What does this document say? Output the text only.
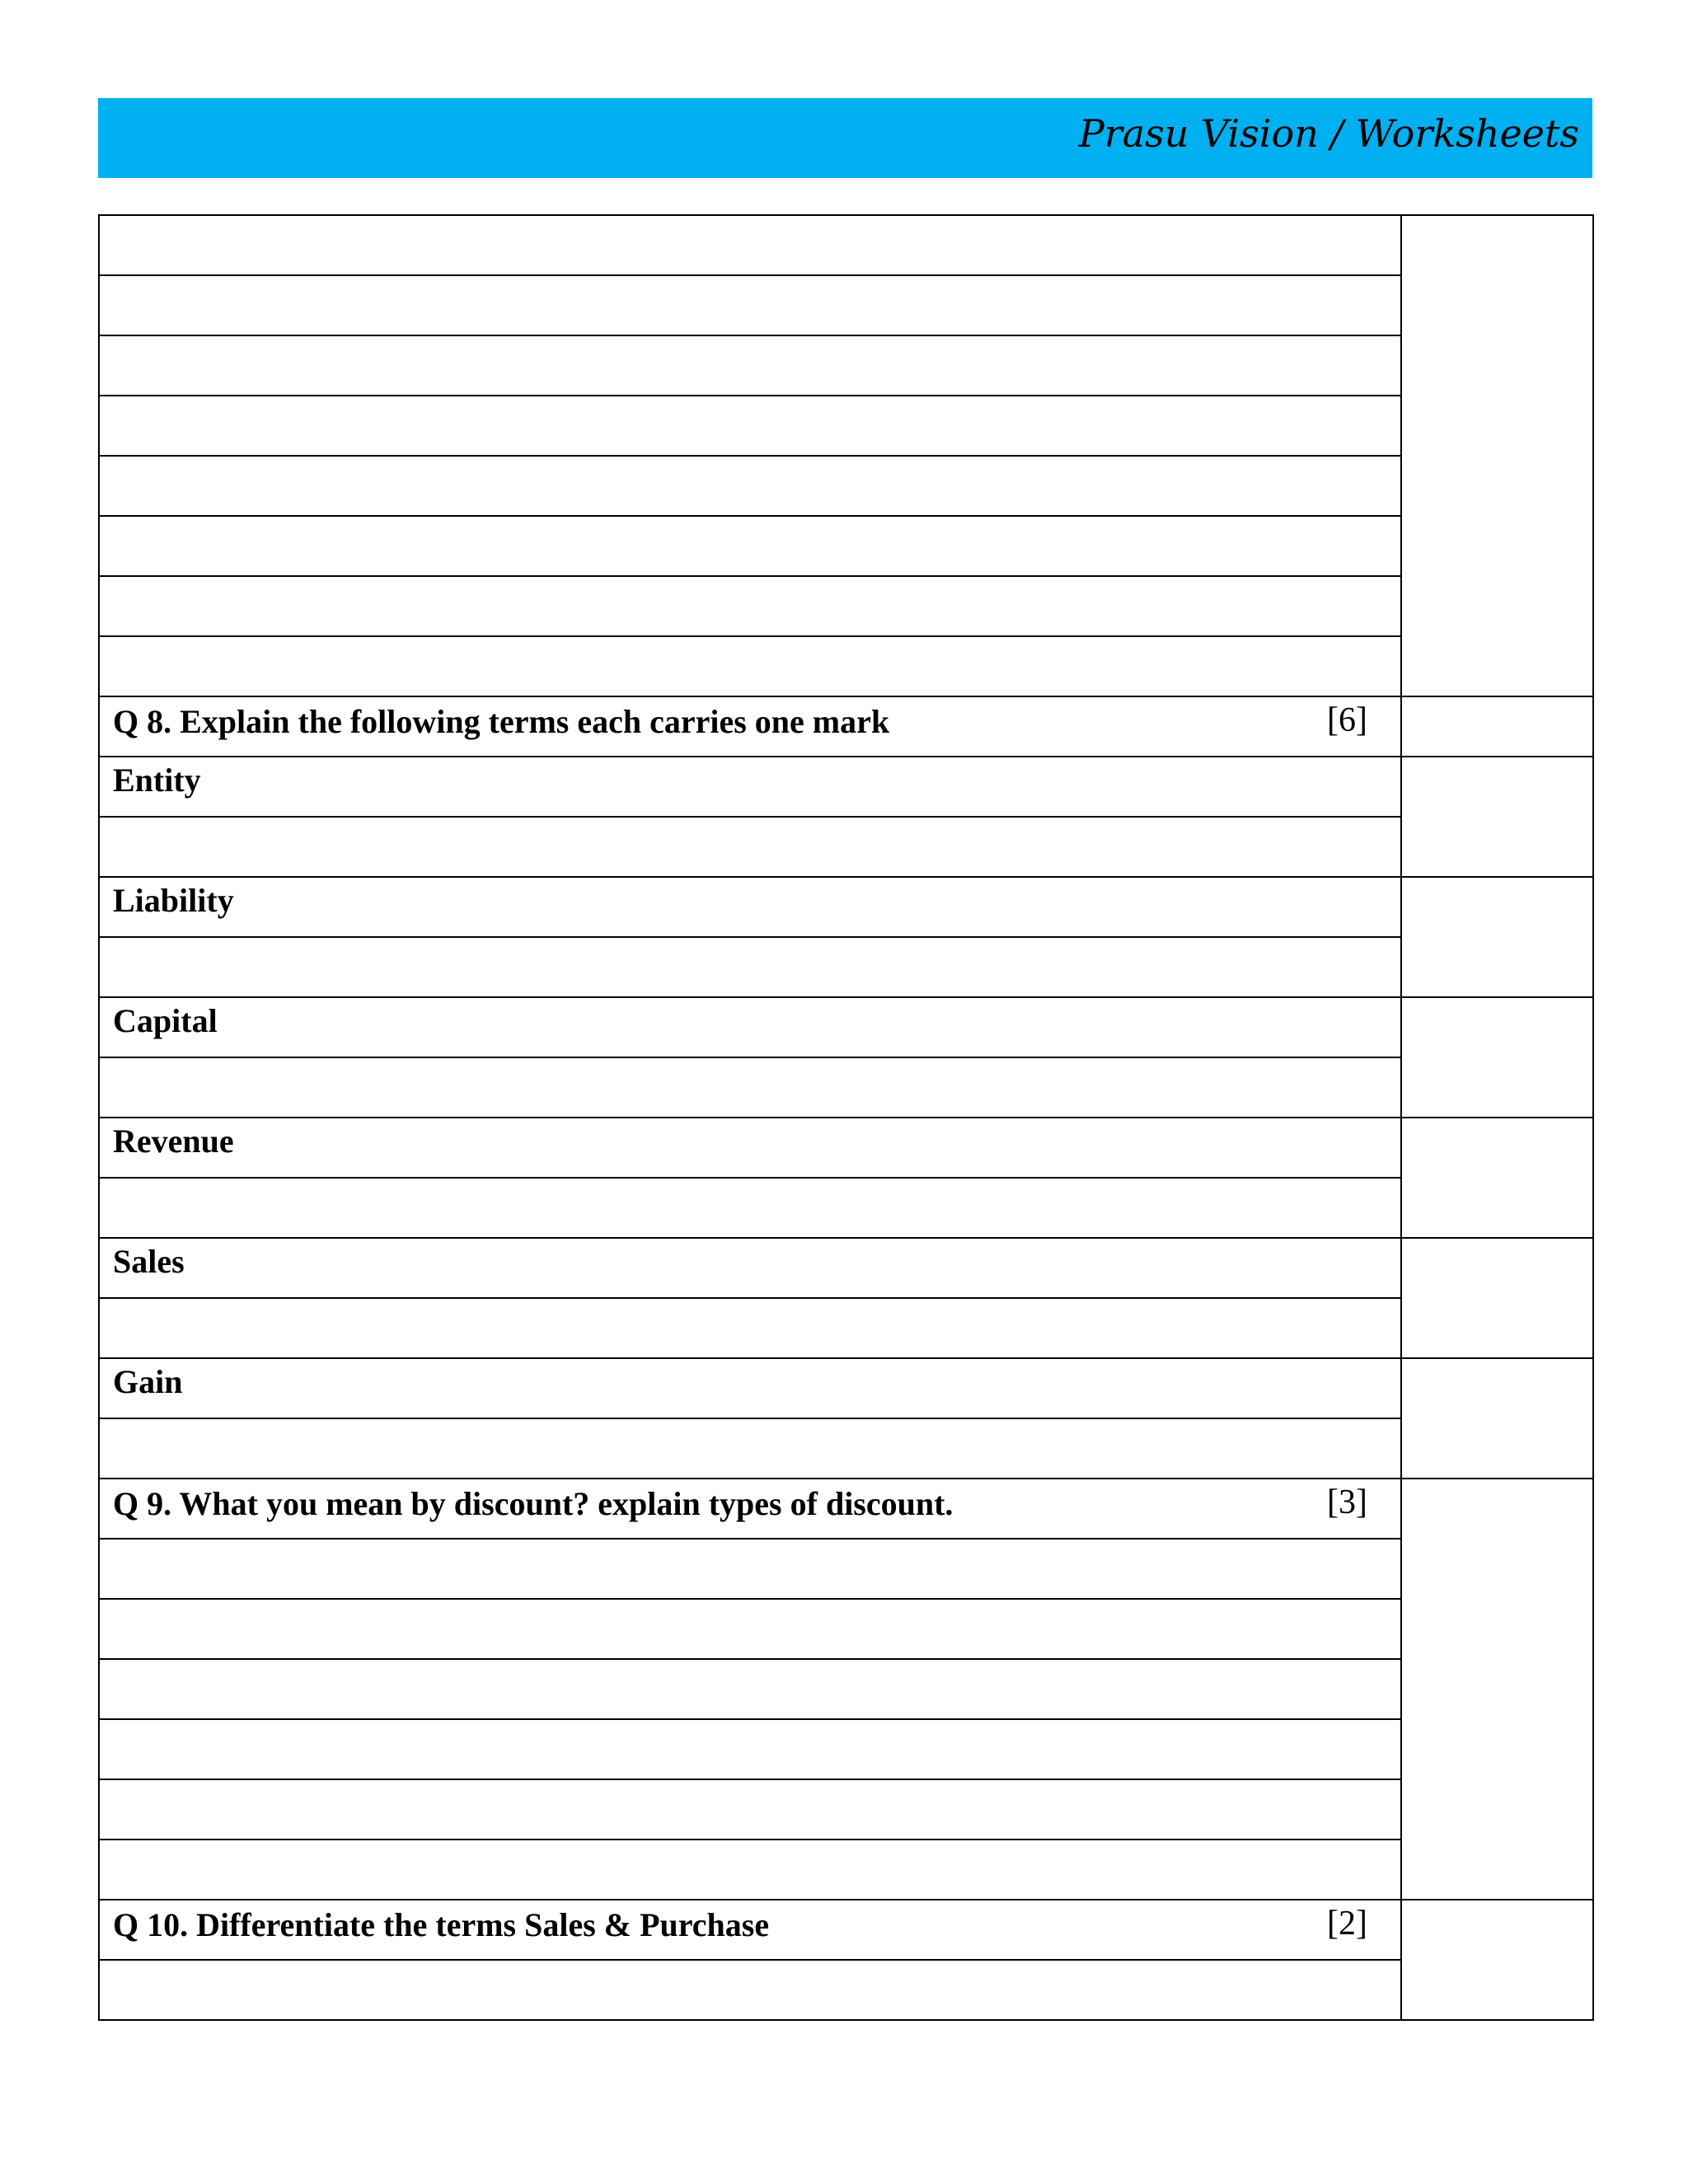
Prasu Vision / Worksheets

Q 8. Explain the following terms each carries one mark [6]	

Entity	

Liability	

Capital	

Revenue	

Sales	

Gain	

Q 9. What you mean by discount? explain types of discount. [3]	

Q 10. Differentiate the terms Sales & Purchase [2]	
